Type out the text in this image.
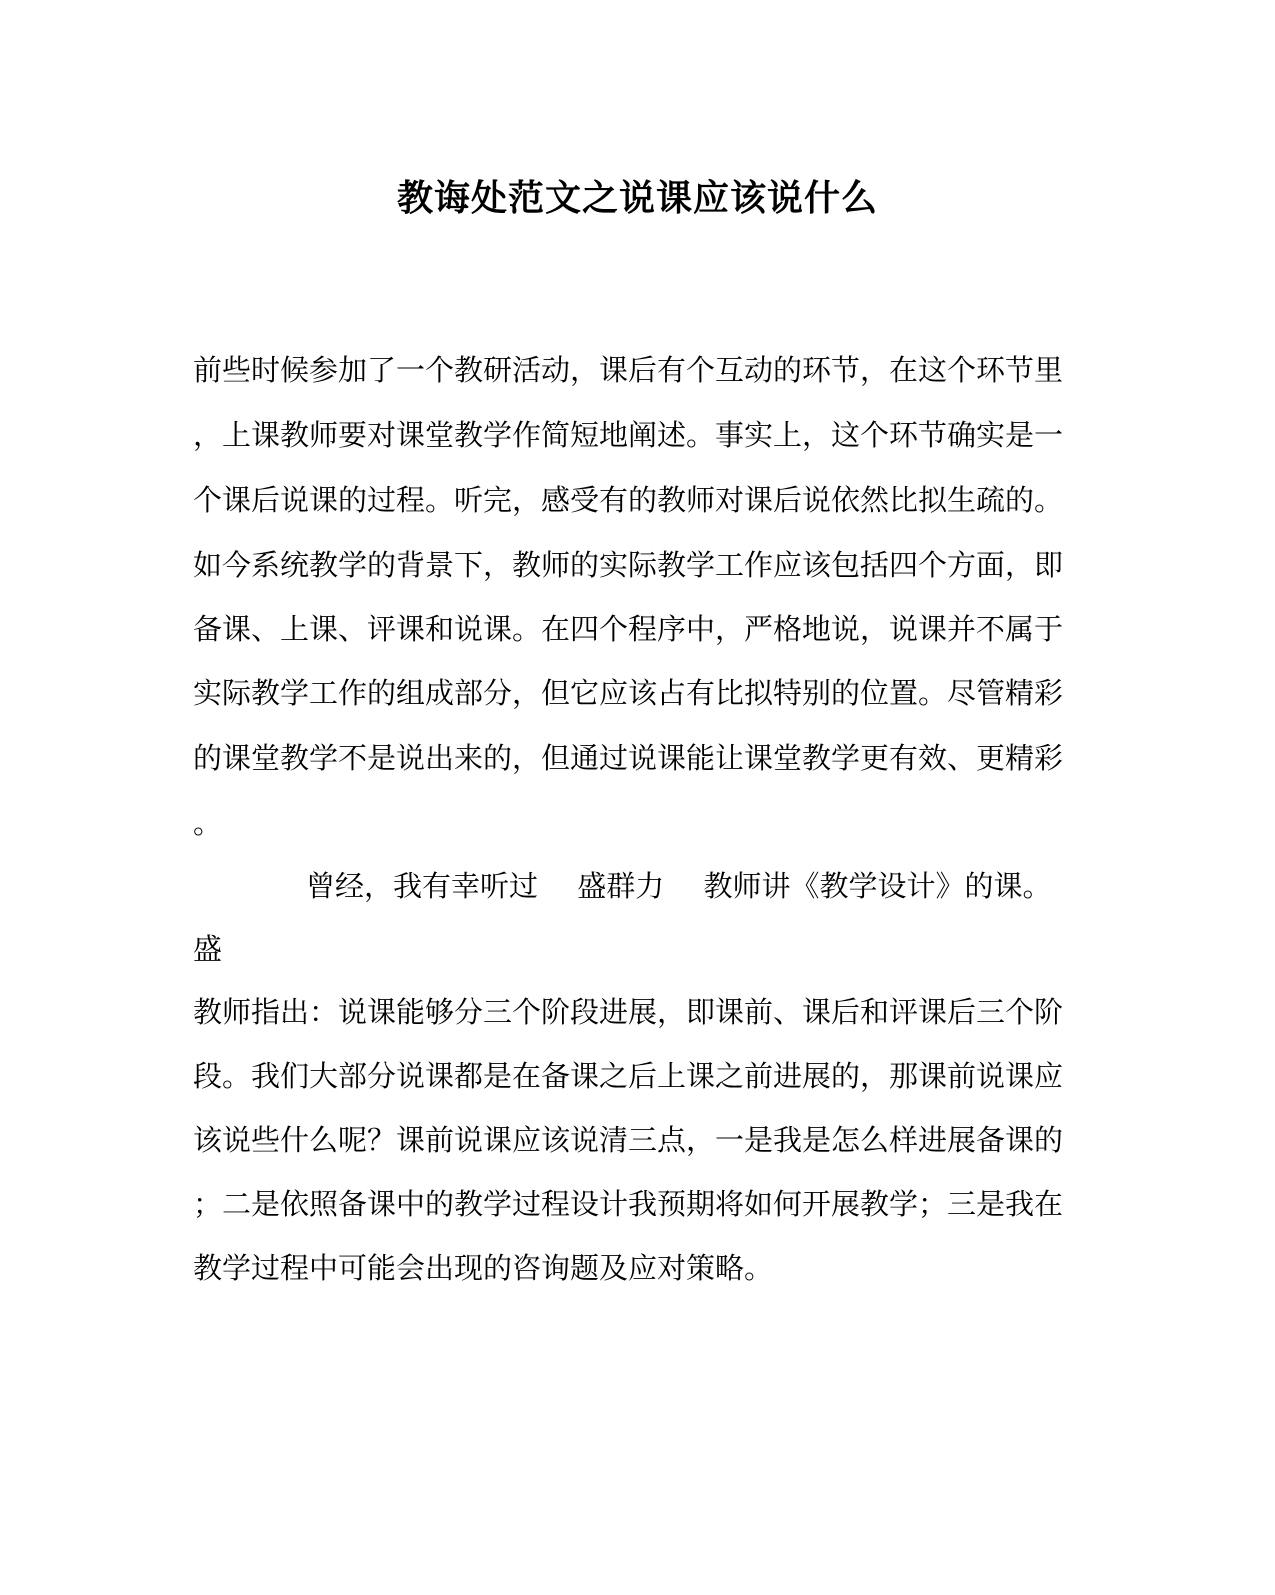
教诲处范文之说课应该说什么
前些时候参加了一个教研活动，课后有个互动的环节，在这个环节里
，上课教师要对课堂教学作简短地阐述。事实上，这个环节确实是一
个课后说课的过程。听完，感受有的教师对课后说依然比拟生疏的。
如今系统教学的背景下，教师的实际教学工作应该包括四个方面，即
备课、上课、评课和说课。在四个程序中，严格地说，说课并不属于
实际教学工作的组成部分，但它应该占有比拟特别的位置。尽管精彩
的课堂教学不是说出来的，但通过说课能让课堂教学更有效、更精彩
。
曾经，我有幸听过 盛群力 教师讲《教学设计》的课。
盛
教师指出：说课能够分三个阶段进展，即课前、课后和评课后三个阶
段。我们大部分说课都是在备课之后上课之前进展的，那课前说课应
该说些什么呢？课前说课应该说清三点，一是我是怎么样进展备课的
；二是依照备课中的教学过程设计我预期将如何开展教学；三是我在
教学过程中可能会出现的咨询题及应对策略。
